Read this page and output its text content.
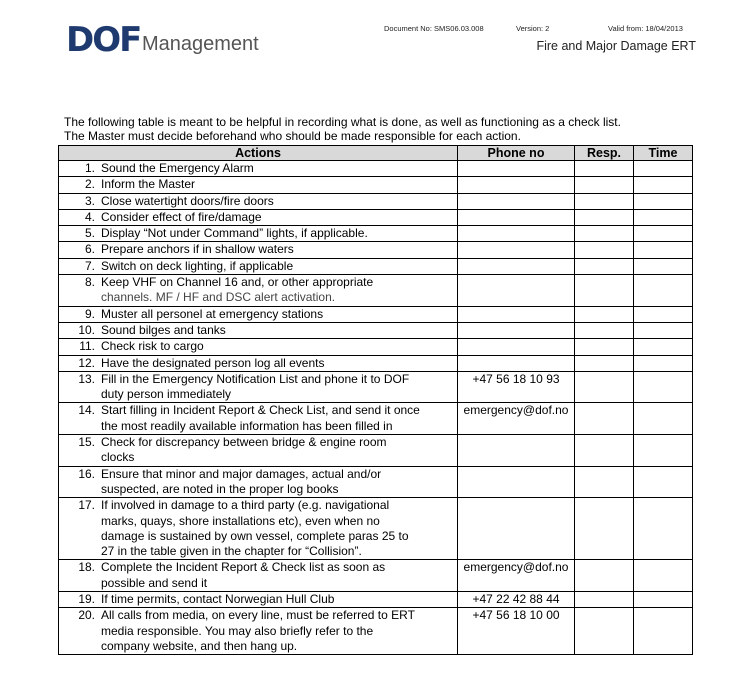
DOF Management
Document No: SMS06.03.008	Version: 2	Valid from: 18/04/2013
Fire and Major Damage ERT
The following table is meant to be helpful in recording what is done, as well as functioning as a check list.
The Master must decide beforehand who should be made responsible for each action.
Actions	Phone no	Resp.	Time

1. Sound the Emergency Alarm			

2. Inform the Master			

3. Close watertight doors/fire doors			

4. Consider effect of fire/damage			

5. Display “Not under Command” lights, if applicable.			

6. Prepare anchors if in shallow waters			

7. Switch on deck lighting, if applicable			

8. Keep VHF on Channel 16 and, or other appropriate
channels. MF / HF and DSC alert activation.			

9. Muster all personel at emergency stations			

10. Sound bilges and tanks			

11. Check risk to cargo			

12. Have the designated person log all events			

13. Fill in the Emergency Notification List and phone it to DOF
duty person immediately	+47 56 18 10 93		

14. Start filling in Incident Report & Check List, and send it once
the most readily available information has been filled in	emergency@dof.no		

15. Check for discrepancy between bridge & engine room
clocks			

16. Ensure that minor and major damages, actual and/or
suspected, are noted in the proper log books			

17. If involved in damage to a third party (e.g. navigational
marks, quays, shore installations etc), even when no
damage is sustained by own vessel, complete paras 25 to
27 in the table given in the chapter for “Collision”.			

18. Complete the Incident Report & Check list as soon as
possible and send it	emergency@dof.no		

19. If time permits, contact Norwegian Hull Club	+47 22 42 88 44		

20. All calls from media, on every line, must be referred to ERT
media responsible. You may also briefly refer to the
company website, and then hang up.	+47 56 18 10 00		
